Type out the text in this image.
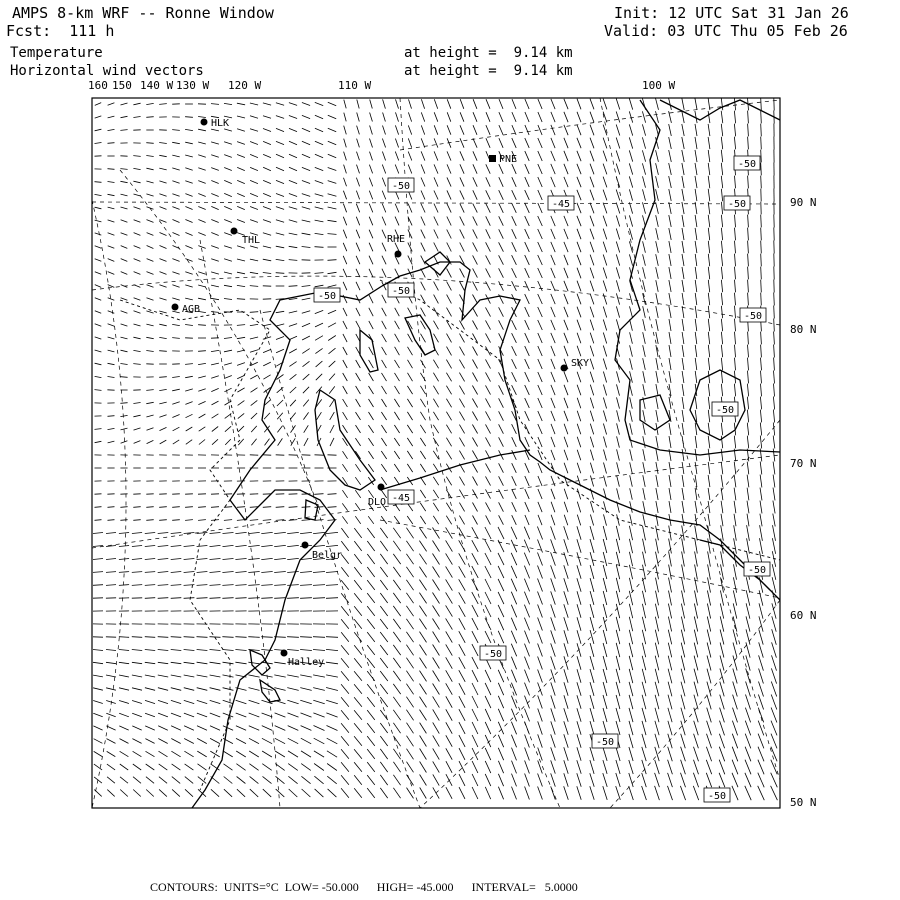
AMPS 8-km WRF -- Ronne Window
Fcst:  111 h
Init: 12 UTC Sat 31 Jan 26
Valid: 03 UTC Thu 05 Feb 26
Temperature
Horizontal wind vectors
at height =  9.14 km
at height =  9.14 km
160 150 140 W 130 W 120 W	110 W	100 W
90 N
80 N
70 N
60 N
50 N
-50
-45
-50
-50
-50	-50
-50
-50
-45
-50
-50
-50
-50
HLK
PNE
THL	RHE
AGB
SKY
DLO
Belgr
Halley
CONTOURS: UNITS=°C LOW= -50.000 HIGH= -45.000 INTERVAL=   5.0000
